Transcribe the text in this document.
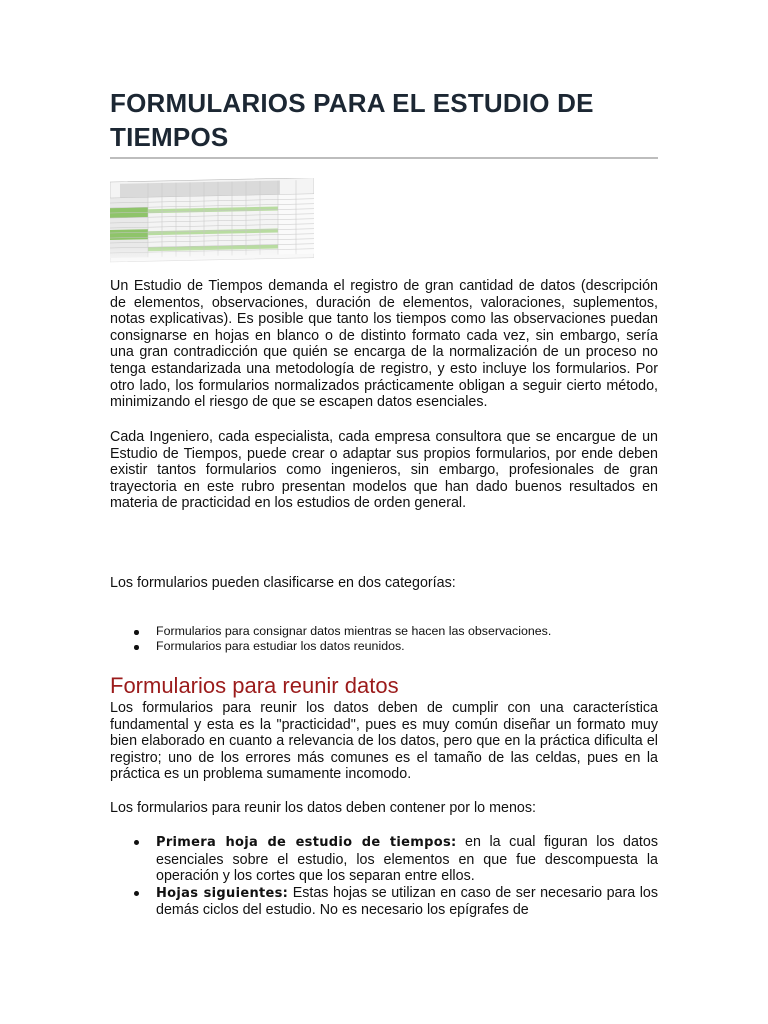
FORMULARIOS PARA EL ESTUDIO DE TIEMPOS

Un Estudio de Tiempos demanda el registro de gran cantidad de datos (descripción de elementos, observaciones, duración de elementos, valoraciones, suplementos, notas explicativas). Es posible que tanto los tiempos como las observaciones puedan consignarse en hojas en blanco o de distinto formato cada vez, sin embargo, sería una gran contradicción que quién se encarga de la normalización de un proceso no tenga estandarizada una metodología de registro, y esto incluye los formularios. Por otro lado, los formularios normalizados prácticamente obligan a seguir cierto método, minimizando el riesgo de que se escapen datos esenciales.

Cada Ingeniero, cada especialista, cada empresa consultora que se encargue de un Estudio de Tiempos, puede crear o adaptar sus propios formularios, por ende deben existir tantos formularios como ingenieros, sin embargo, profesionales de gran trayectoria en este rubro presentan modelos que han dado buenos resultados en materia de practicidad en los estudios de orden general.

Los formularios pueden clasificarse en dos categorías:

Formularios para consignar datos mientras se hacen las observaciones.
Formularios para estudiar los datos reunidos.
Formularios para reunir datos

Los formularios para reunir los datos deben de cumplir con una característica fundamental y esta es la "practicidad", pues es muy común diseñar un formato muy bien elaborado en cuanto a relevancia de los datos, pero que en la práctica dificulta el registro; uno de los errores más comunes es el tamaño de las celdas, pues en la práctica es un problema sumamente incomodo.

Los formularios para reunir los datos deben contener por lo menos:

Primera hoja de estudio de tiempos: en la cual figuran los datos esenciales sobre el estudio, los elementos en que fue descompuesta la operación y los cortes que los separan entre ellos.
Hojas siguientes: Estas hojas se utilizan en caso de ser necesario para los demás ciclos del estudio. No es necesario los epígrafes de
